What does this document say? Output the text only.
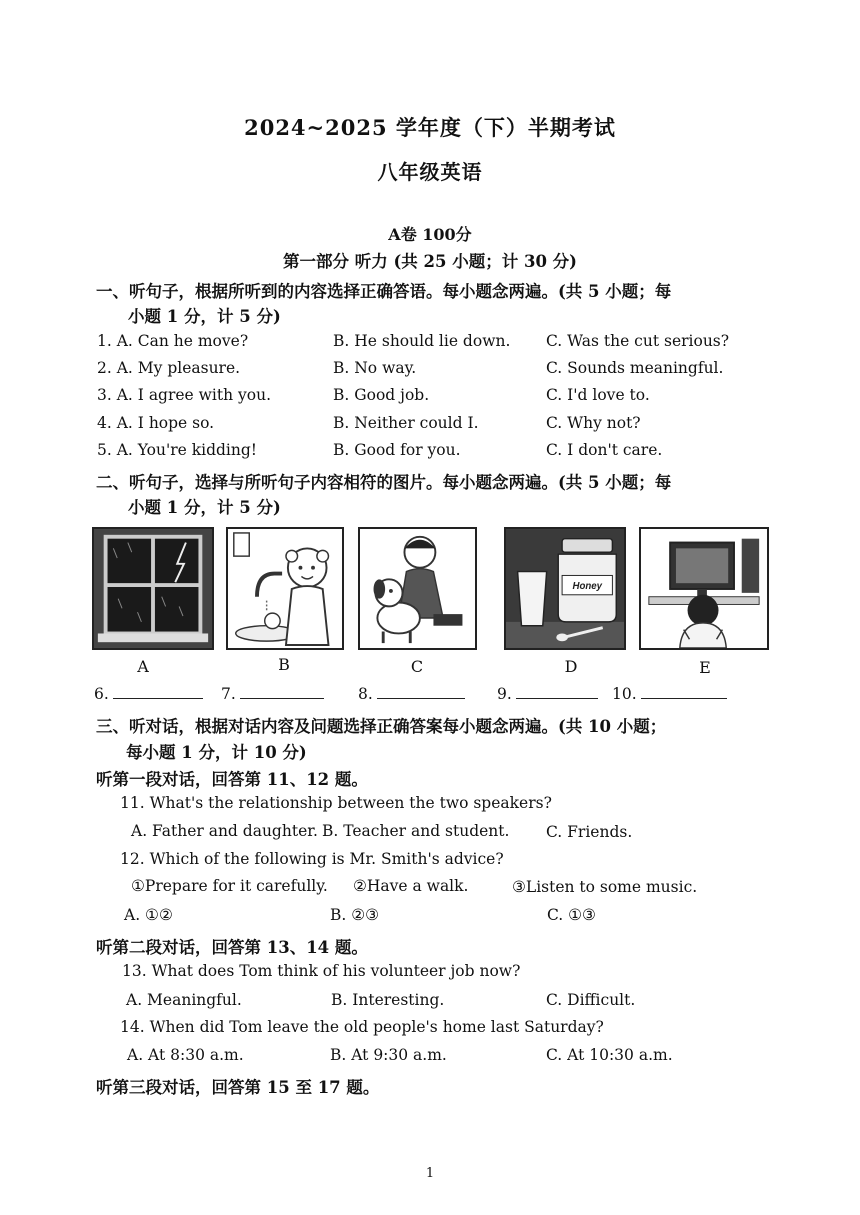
2024~2025 学年度（下）半期考试
八年级英语
A卷 100分
第一部分 听力 (共 25 小题；计 30 分)
一、听句子，根据所听到的内容选择正确答语。每小题念两遍。(共 5 小题；每
小题 1 分，计 5 分)
1. A. Can he move?	B. He should lie down. C. Was the cut serious?
2. A. My pleasure.	B. No way.	C. Sounds meaningful.
3. A. I agree with you.	B. Good job.	C. I'd love to.
4. A. I hope so.	B. Neither could I.	C. Why not?
5. A. You're kidding!	B. Good for you.	C. I don't care.
二、听句子，选择与所听句子内容相符的图片。每小题念两遍。(共 5 小题；每
小题 1 分，计 5 分)
Honey
A	B	C	D	E
6.	7.	8.	9.	10.
三、听对话，根据对话内容及问题选择正确答案每小题念两遍。(共 10 小题；
每小题 1 分，计 10 分)
听第一段对话，回答第 11、12 题。
11. What's the relationship between the two speakers?
A. Father and daughter. B. Teacher and student. C. Friends.
12. Which of the following is Mr. Smith's advice?
①Prepare for it carefully. ②Have a walk.	③Listen to some music.
A. ①②	B. ②③	C. ①③
听第二段对话，回答第 13、14 题。
13. What does Tom think of his volunteer job now?
A. Meaningful.	B. Interesting.	C. Difficult.
14. When did Tom leave the old people's home last Saturday?
A. At 8:30 a.m.	B. At 9:30 a.m.	C. At 10:30 a.m.
听第三段对话，回答第 15 至 17 题。
1
